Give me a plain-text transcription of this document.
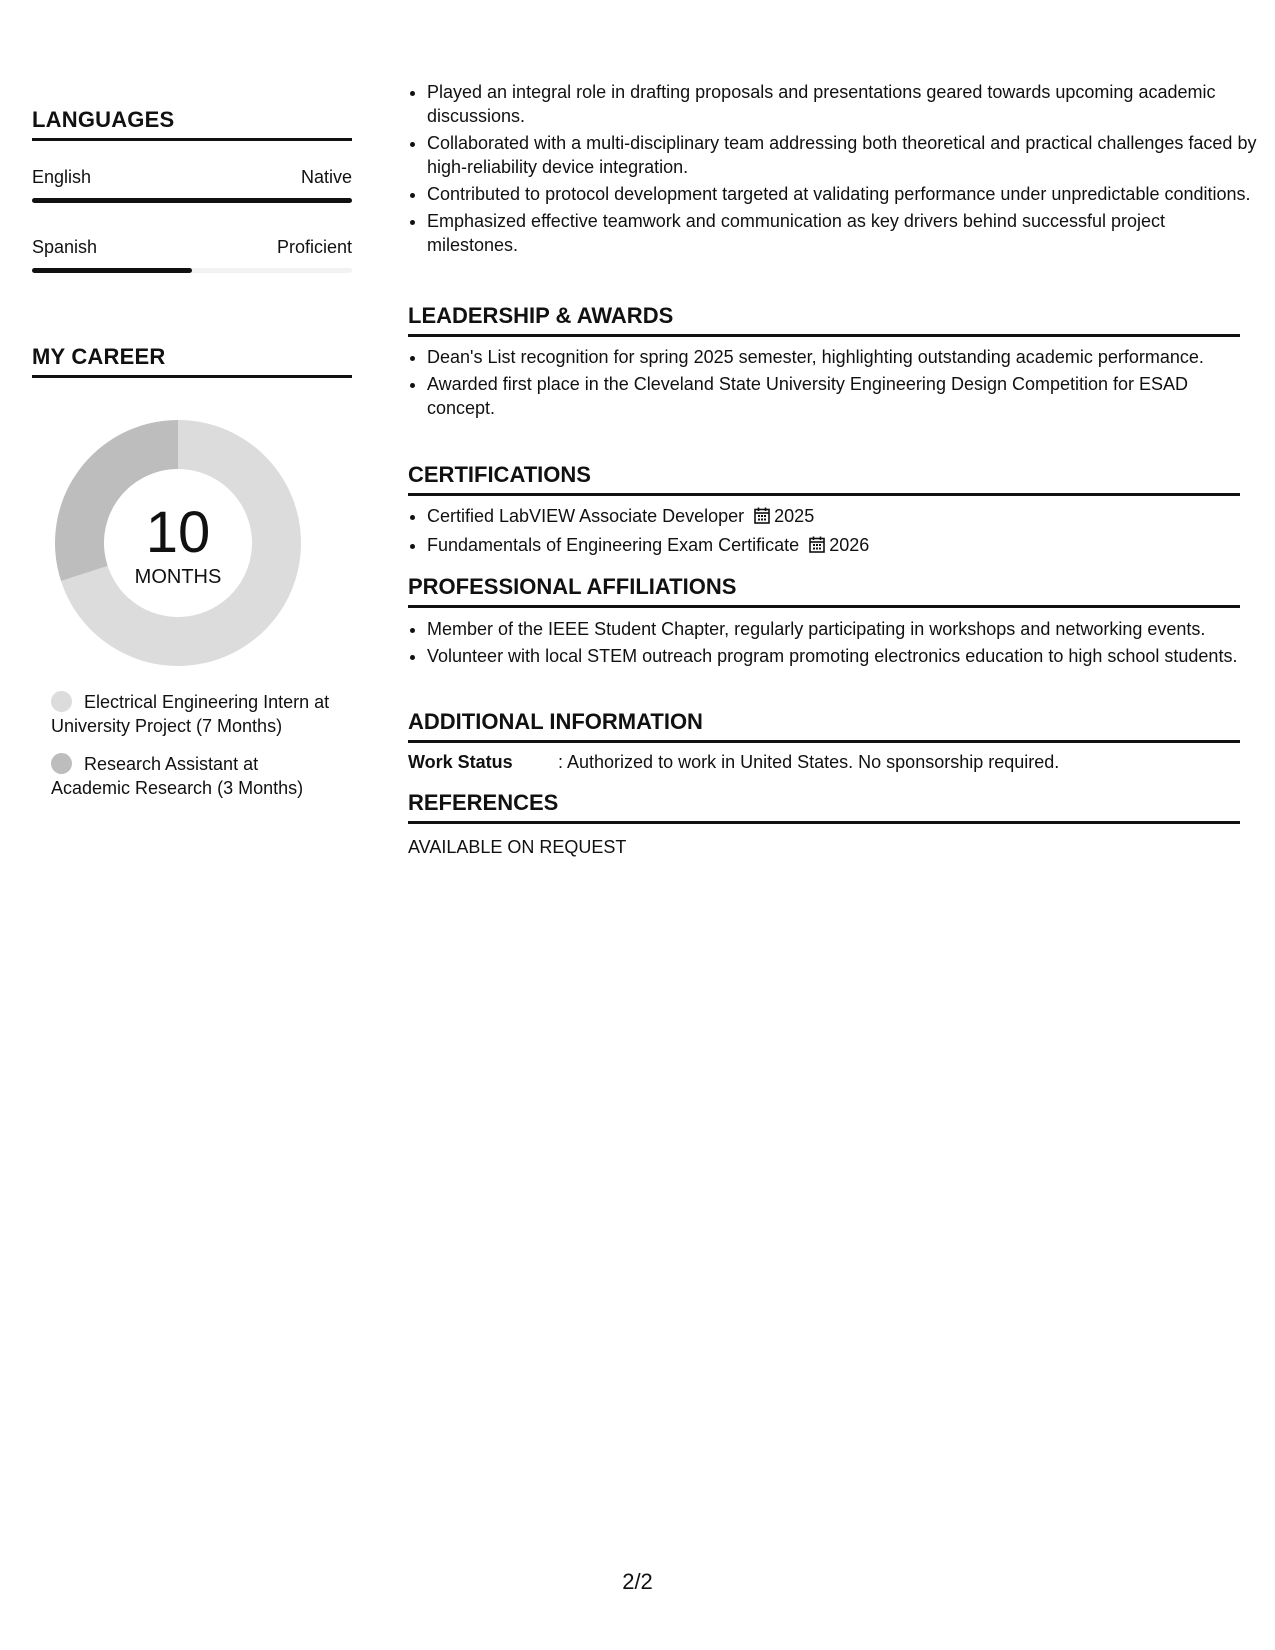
LANGUAGES
English	Native
Spanish	Proficient
MY CAREER
10
MONTHS
Electrical Engineering Intern at University Project (7 Months)
Research Assistant at Academic Research (3 Months)
• Played an integral role in drafting proposals and presentations geared towards upcoming academic discussions.
• Collaborated with a multi-disciplinary team addressing both theoretical and practical challenges faced by high-reliability device integration.
• Contributed to protocol development targeted at validating performance under unpredictable conditions.
• Emphasized effective teamwork and communication as key drivers behind successful project milestones.
LEADERSHIP & AWARDS
• Dean's List recognition for spring 2025 semester, highlighting outstanding academic performance.
• Awarded first place in the Cleveland State University Engineering Design Competition for ESAD concept.
CERTIFICATIONS
• Certified LabVIEW Associate Developer 2025
• Fundamentals of Engineering Exam Certificate 2026
PROFESSIONAL AFFILIATIONS
• Member of the IEEE Student Chapter, regularly participating in workshops and networking events.
• Volunteer with local STEM outreach program promoting electronics education to high school students.
ADDITIONAL INFORMATION
Work Status	: Authorized to work in United States. No sponsorship required.
REFERENCES
AVAILABLE ON REQUEST
2/2
